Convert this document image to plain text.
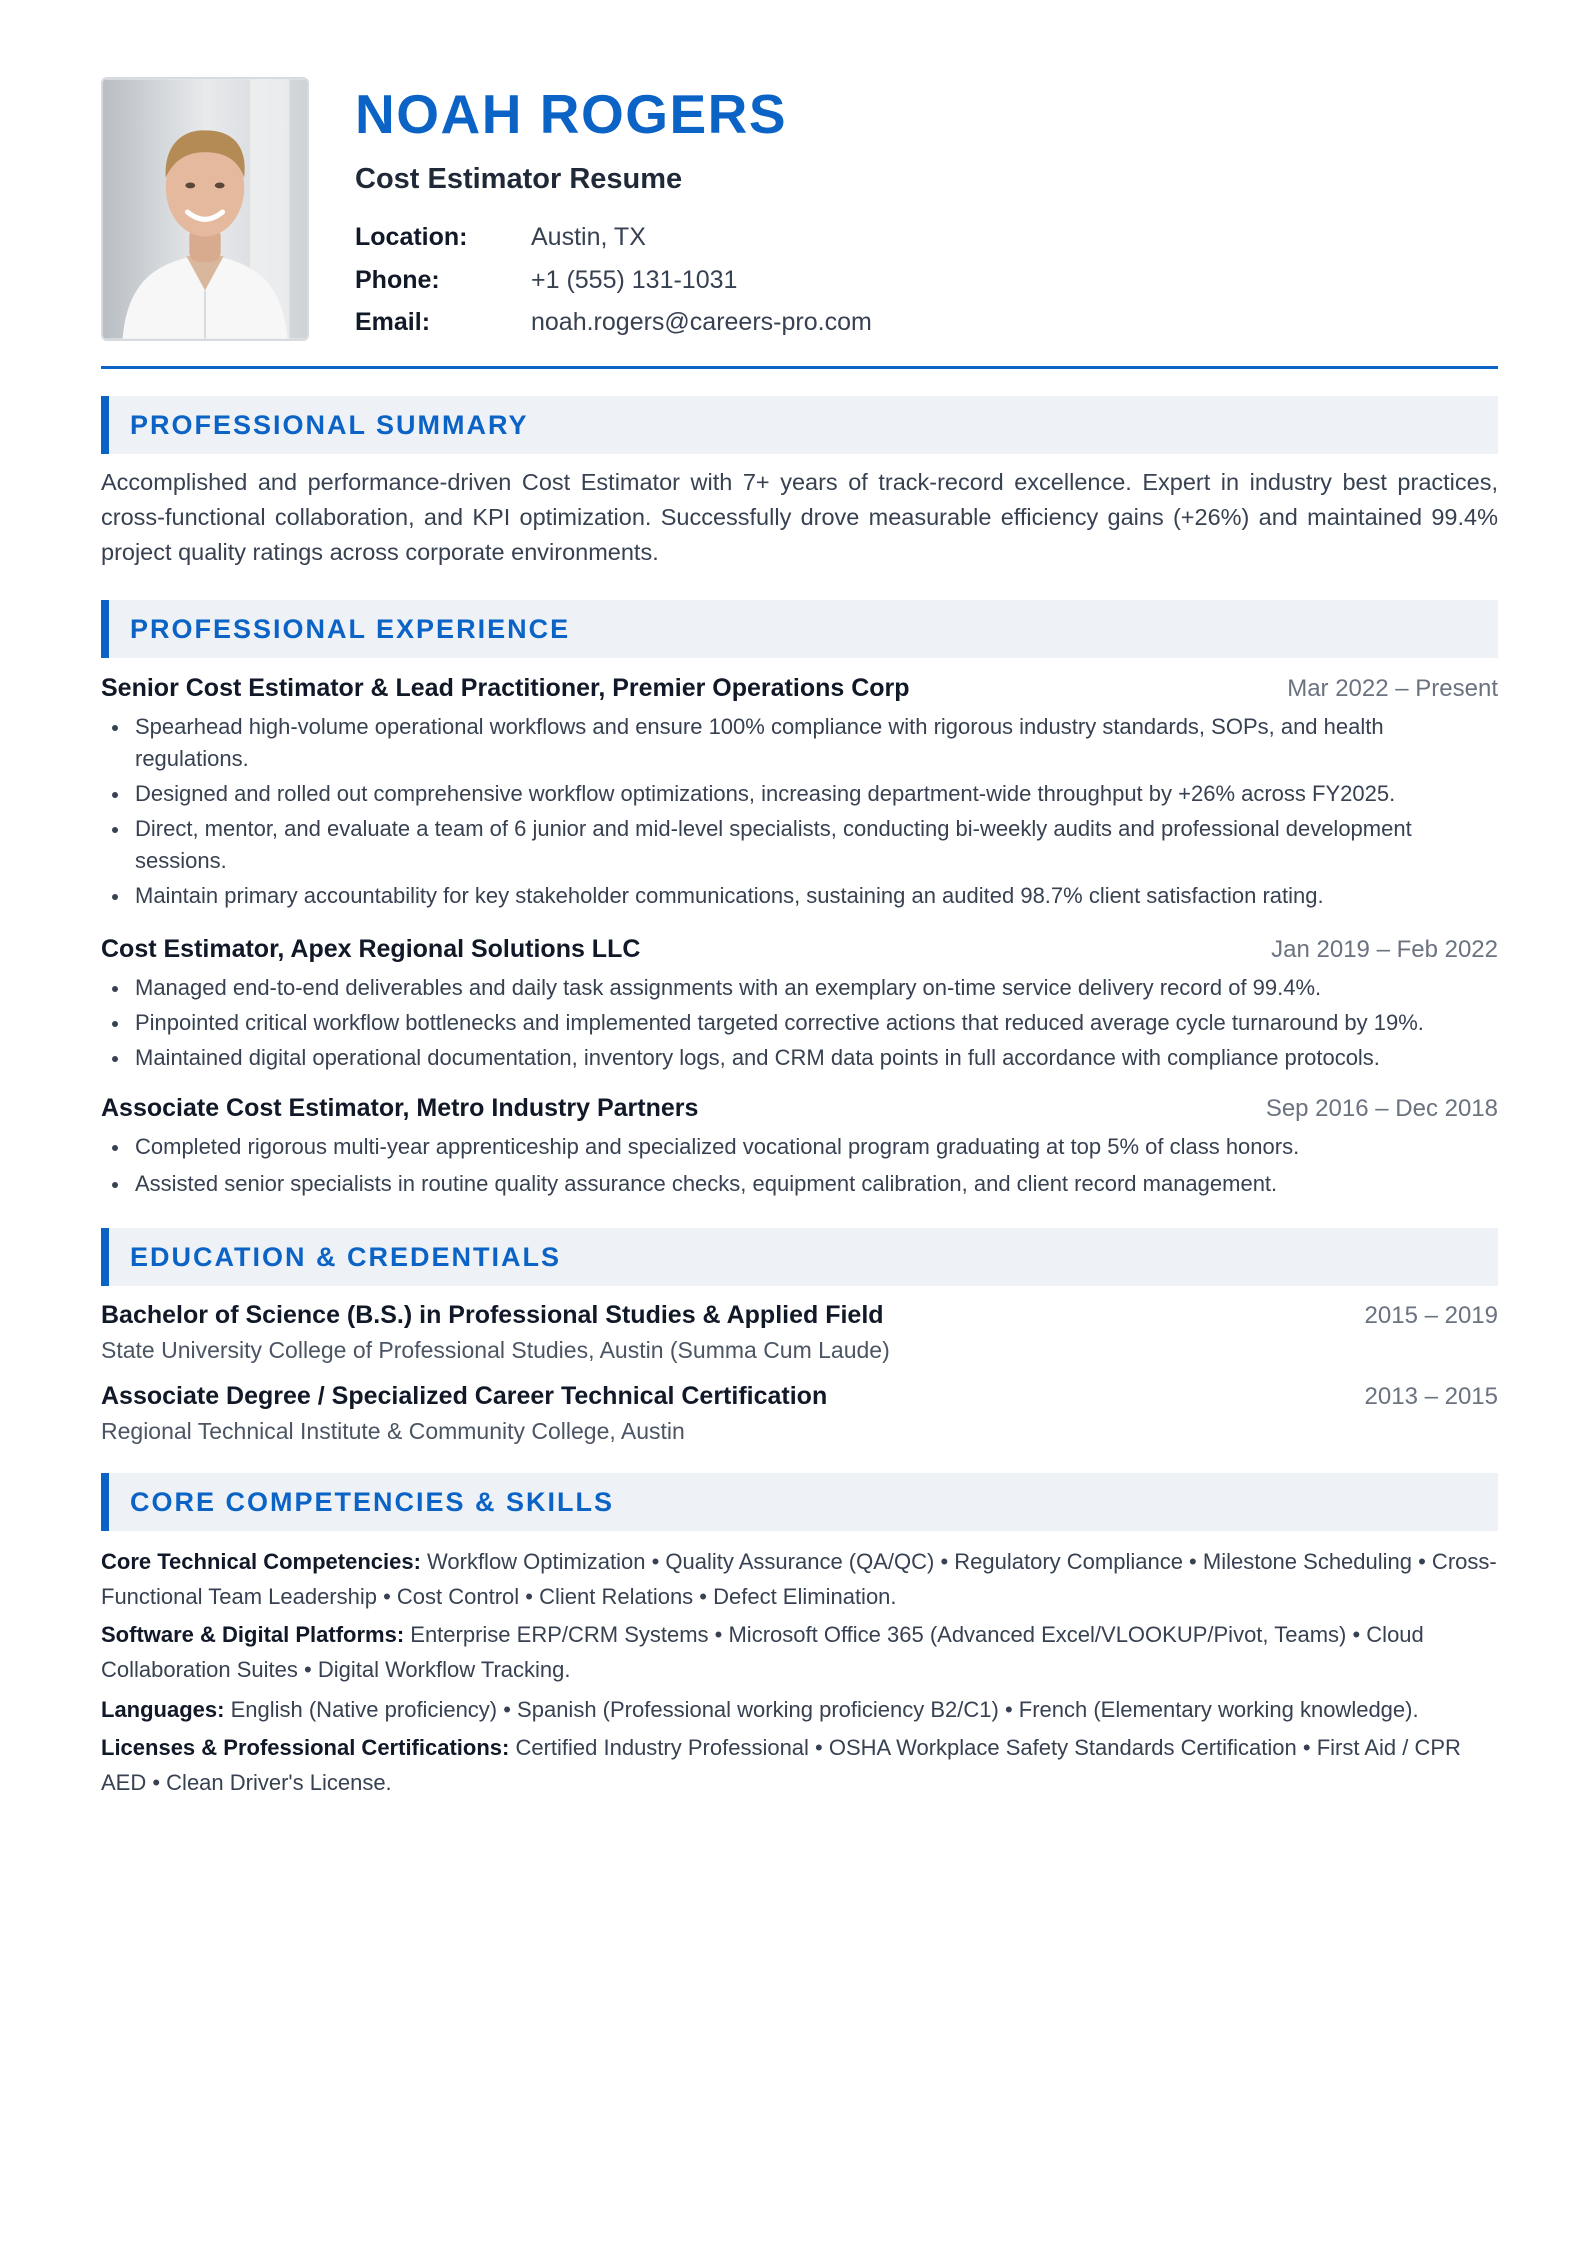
NOAH ROGERS
Cost Estimator Resume
Location:	Austin, TX
Phone:	+1 (555) 131-1031
Email:	noah.rogers@careers-pro.com
PROFESSIONAL SUMMARY
Accomplished and performance-driven Cost Estimator with 7+ years of track-record excellence. Expert in industry best practices, cross-functional collaboration, and KPI optimization. Successfully drove measurable efficiency gains (+26%) and maintained 99.4% project quality ratings across corporate environments.
PROFESSIONAL EXPERIENCE
Senior Cost Estimator & Lead Practitioner, Premier Operations Corp	Mar 2022 – Present
Spearhead high-volume operational workflows and ensure 100% compliance with rigorous industry standards, SOPs, and health regulations.
Designed and rolled out comprehensive workflow optimizations, increasing department-wide throughput by +26% across FY2025.
Direct, mentor, and evaluate a team of 6 junior and mid-level specialists, conducting bi-weekly audits and professional development sessions.
Maintain primary accountability for key stakeholder communications, sustaining an audited 98.7% client satisfaction rating.
Cost Estimator, Apex Regional Solutions LLC	Jan 2019 – Feb 2022
Managed end-to-end deliverables and daily task assignments with an exemplary on-time service delivery record of 99.4%.
Pinpointed critical workflow bottlenecks and implemented targeted corrective actions that reduced average cycle turnaround by 19%.
Maintained digital operational documentation, inventory logs, and CRM data points in full accordance with compliance protocols.
Associate Cost Estimator, Metro Industry Partners	Sep 2016 – Dec 2018
Completed rigorous multi-year apprenticeship and specialized vocational program graduating at top 5% of class honors.
Assisted senior specialists in routine quality assurance checks, equipment calibration, and client record management.
EDUCATION & CREDENTIALS
Bachelor of Science (B.S.) in Professional Studies & Applied Field	2015 – 2019
State University College of Professional Studies, Austin (Summa Cum Laude)
Associate Degree / Specialized Career Technical Certification	2013 – 2015
Regional Technical Institute & Community College, Austin
CORE COMPETENCIES & SKILLS
Core Technical Competencies: Workflow Optimization • Quality Assurance (QA/QC) • Regulatory Compliance • Milestone Scheduling • Cross-Functional Team Leadership • Cost Control • Client Relations • Defect Elimination.
Software & Digital Platforms: Enterprise ERP/CRM Systems • Microsoft Office 365 (Advanced Excel/VLOOKUP/Pivot, Teams) • Cloud Collaboration Suites • Digital Workflow Tracking.
Languages: English (Native proficiency) • Spanish (Professional working proficiency B2/C1) • French (Elementary working knowledge).
Licenses & Professional Certifications: Certified Industry Professional • OSHA Workplace Safety Standards Certification • First Aid / CPR AED • Clean Driver's License.
